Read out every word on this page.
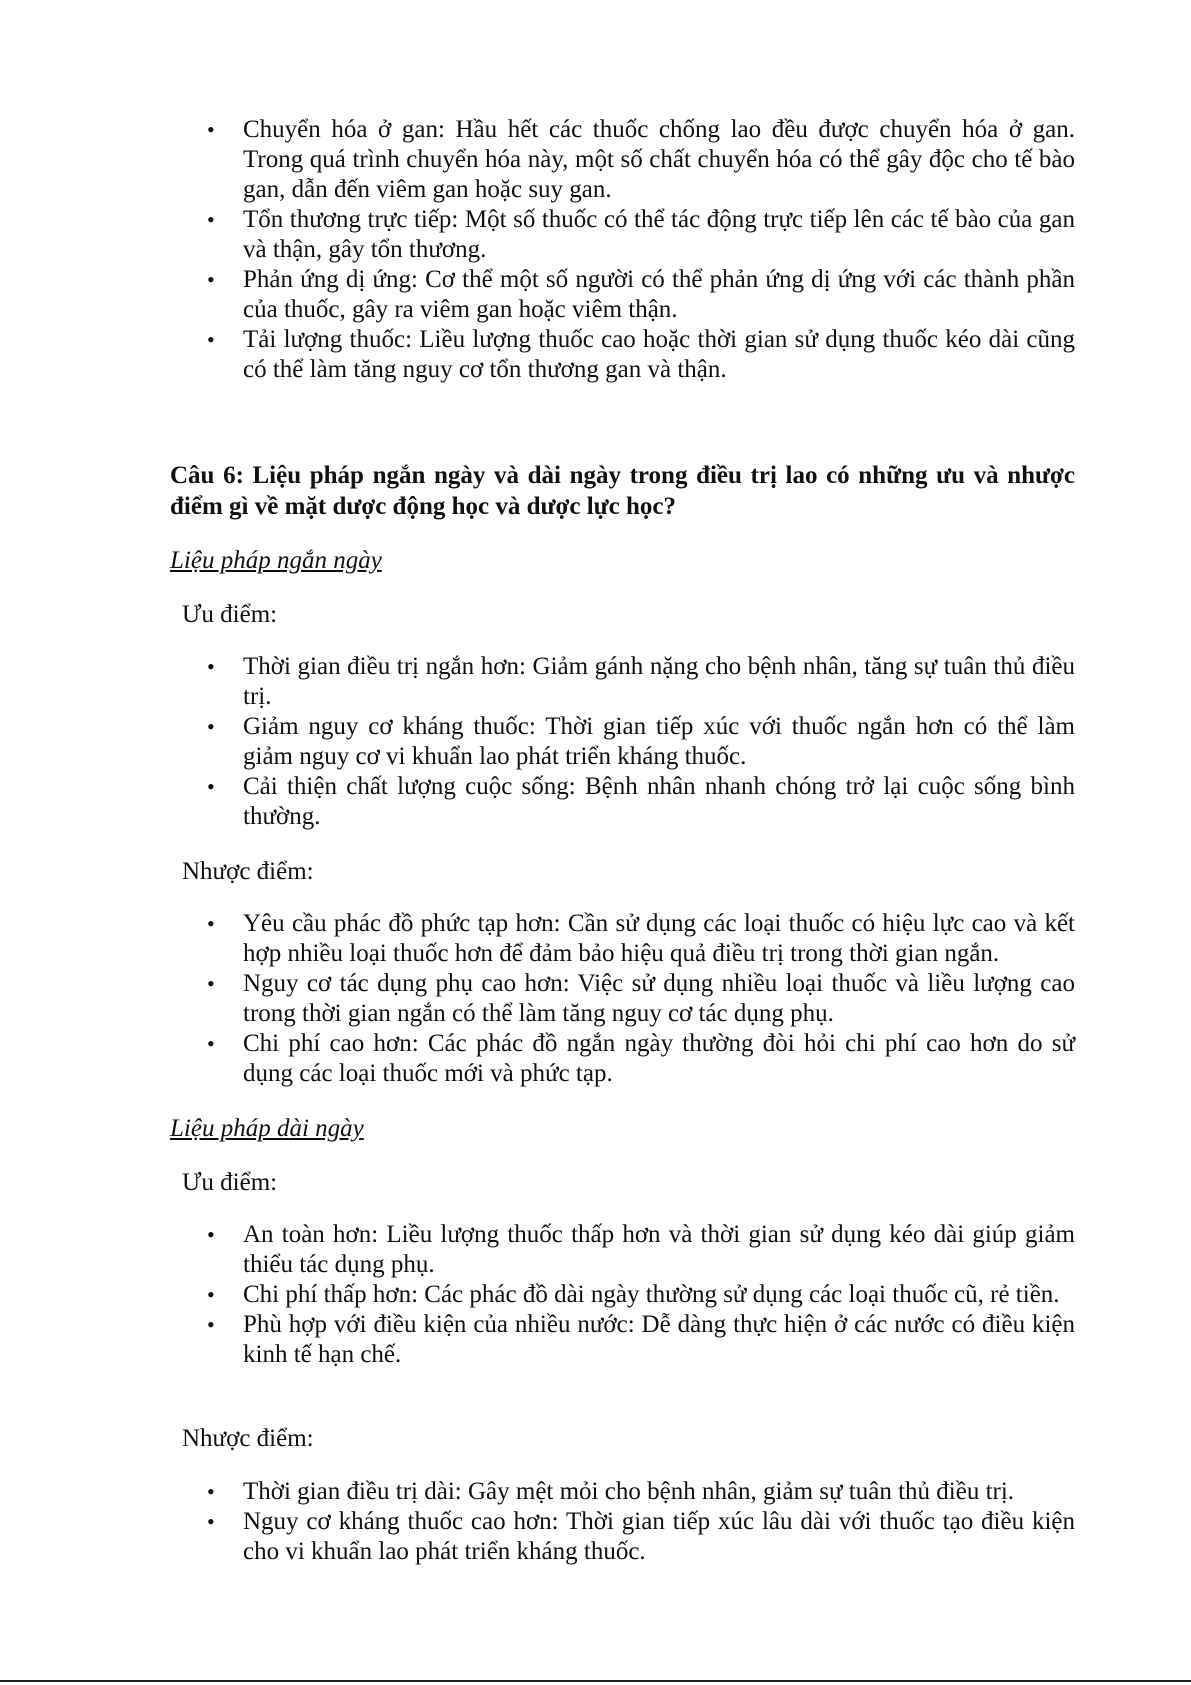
• Chuyển hóa ở gan: Hầu hết các thuốc chống lao đều được chuyển hóa ở gan. Trong quá trình chuyển hóa này, một số chất chuyển hóa có thể gây độc cho tế bào gan, dẫn đến viêm gan hoặc suy gan.
• Tổn thương trực tiếp: Một số thuốc có thể tác động trực tiếp lên các tế bào của gan và thận, gây tổn thương.
• Phản ứng dị ứng: Cơ thể một số người có thể phản ứng dị ứng với các thành phần của thuốc, gây ra viêm gan hoặc viêm thận.
• Tải lượng thuốc: Liều lượng thuốc cao hoặc thời gian sử dụng thuốc kéo dài cũng có thể làm tăng nguy cơ tổn thương gan và thận.
Câu 6: Liệu pháp ngắn ngày và dài ngày trong điều trị lao có những ưu và nhược điểm gì về mặt dược động học và dược lực học?
Liệu pháp ngắn ngày
Ưu điểm:
• Thời gian điều trị ngắn hơn: Giảm gánh nặng cho bệnh nhân, tăng sự tuân thủ điều trị.
• Giảm nguy cơ kháng thuốc: Thời gian tiếp xúc với thuốc ngắn hơn có thể làm giảm nguy cơ vi khuẩn lao phát triển kháng thuốc.
• Cải thiện chất lượng cuộc sống: Bệnh nhân nhanh chóng trở lại cuộc sống bình thường.
Nhược điểm:
• Yêu cầu phác đồ phức tạp hơn: Cần sử dụng các loại thuốc có hiệu lực cao và kết hợp nhiều loại thuốc hơn để đảm bảo hiệu quả điều trị trong thời gian ngắn.
• Nguy cơ tác dụng phụ cao hơn: Việc sử dụng nhiều loại thuốc và liều lượng cao trong thời gian ngắn có thể làm tăng nguy cơ tác dụng phụ.
• Chi phí cao hơn: Các phác đồ ngắn ngày thường đòi hỏi chi phí cao hơn do sử dụng các loại thuốc mới và phức tạp.
Liệu pháp dài ngày
Ưu điểm:
• An toàn hơn: Liều lượng thuốc thấp hơn và thời gian sử dụng kéo dài giúp giảm thiểu tác dụng phụ.
• Chi phí thấp hơn: Các phác đồ dài ngày thường sử dụng các loại thuốc cũ, rẻ tiền.
• Phù hợp với điều kiện của nhiều nước: Dễ dàng thực hiện ở các nước có điều kiện kinh tế hạn chế.
Nhược điểm:
• Thời gian điều trị dài: Gây mệt mỏi cho bệnh nhân, giảm sự tuân thủ điều trị.
• Nguy cơ kháng thuốc cao hơn: Thời gian tiếp xúc lâu dài với thuốc tạo điều kiện cho vi khuẩn lao phát triển kháng thuốc.
